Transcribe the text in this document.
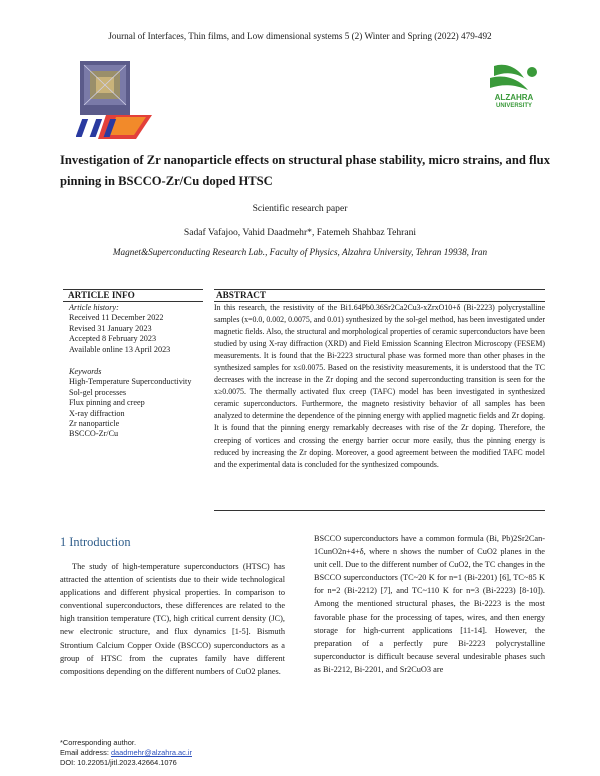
Journal of Interfaces, Thin films, and Low dimensional systems 5 (2) Winter and Spring (2022) 479-492
ALZAHRA
UNIVERSITY
Investigation of Zr nanoparticle effects on structural phase stability, micro strains, and flux pinning in BSCCO-Zr/Cu doped HTSC
Scientific research paper
Sadaf Vafajoo, Vahid Daadmehr*, Fatemeh Shahbaz Tehrani
Magnet&Superconducting Research Lab., Faculty of Physics, Alzahra University, Tehran 19938, Iran
ARTICLE INFO	ABSTRACT
Article history:
Received 11 December 2022
Revised 31 January 2023
Accepted 8 February 2023
Available online 13 April 2023
Keywords
High-Temperature Superconductivity
Sol-gel processes
Flux pinning and creep
X-ray diffraction
Zr nanoparticle
BSCCO-Zr/Cu
In this research, the resistivity of the Bi1.64Pb0.36Sr2Ca2Cu3-xZrxO10+δ (Bi-2223) polycrystalline samples (x=0.0, 0.002, 0.0075, and 0.01) synthesized by the sol-gel method, has been investigated under magnetic fields. Also, the structural and morphological properties of ceramic superconductors have been studied by using X-ray diffraction (XRD) and Field Emission Scanning Electron Microscopy (FESEM) measurements. It is found that the Bi-2223 structural phase was formed more than other phases in the synthesized samples for x≤0.0075. Based on the resistivity measurements, it is understood that the TC decreases with the increase in the Zr doping and the second superconducting transition is seen for the x≥0.0075. The thermally activated flux creep (TAFC) model has been investigated in synthesized ceramic superconductors. Furthermore, the magneto resistivity behavior of all samples has been analyzed to determine the dependence of the pinning energy with applied magnetic fields and Zr doping. It is found that the pinning energy remarkably decreases with rise of the Zr doping. Therefore, the creeping of vortices and crossing the energy barrier occur more easily, thus the pinning energy is reduced by increasing the Zr doping. Moreover, a good agreement between the modified TAFC model and the experimental data is concluded for the synthesized compounds.
1 Introduction
The study of high-temperature superconductors (HTSC) has attracted the attention of scientists due to their wide technological applications and different physical properties. In comparison to conventional superconductors, these differences are related to the high transition temperature (TC), high critical current density (JC), new electronic structure, and flux dynamics [1-5]. Bismuth Strontium Calcium Copper Oxide (BSCCO) superconductors as a group of HTSC from the cuprates family have different compositions depending on the different numbers of CuO2 planes.
BSCCO superconductors have a common formula (Bi, Pb)2Sr2Can-1CunO2n+4+δ, where n shows the number of CuO2 planes in the unit cell. Due to the different number of CuO2, the TC changes in the BSCCO superconductors (TC~20 K for n=1 (Bi-2201) [6], TC~85 K for n=2 (Bi-2212) [7], and TC~110 K for n=3 (Bi-2223) [8-10]). Among the mentioned structural phases, the Bi-2223 is the most favorable phase for the processing of tapes, wires, and then energy storage for high-current applications [11-14]. However, the preparation of a perfectly pure Bi-2223 polycrystalline superconductor is difficult because several undesirable phases such as Bi-2212, Bi-2201, and Sr2CuO3 are
*Corresponding author.
Email address: daadmehr@alzahra.ac.ir
DOI: 10.22051/jitl.2023.42664.1076
